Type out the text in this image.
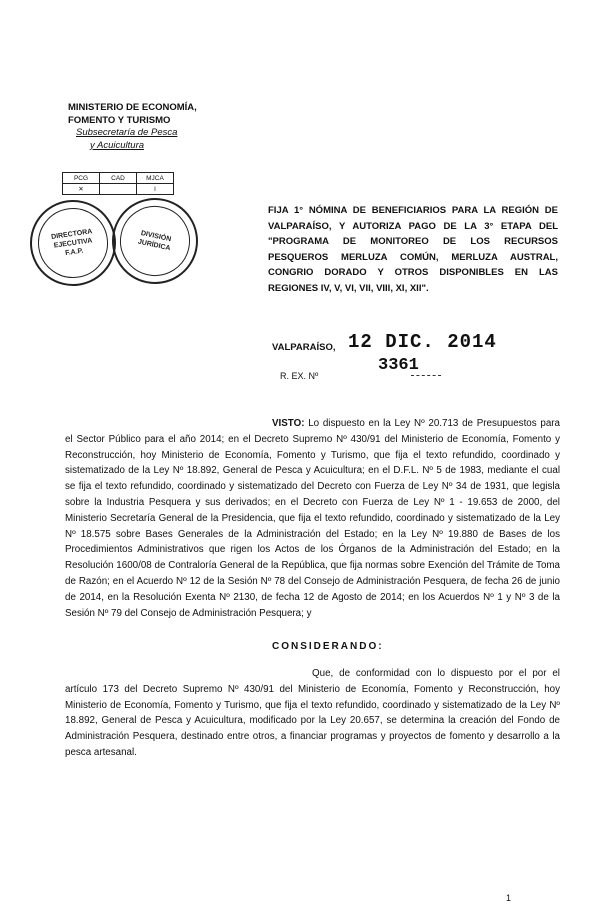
MINISTERIO DE ECONOMÍA,
FOMENTO Y TURISMO
Subsecretaría de Pesca
y Acuicultura
PCG	CAD	MJCA
✕		ǀ
DIRECTORA EJECUTIVA F.A.P.
DIVISIÓN JURÍDICA
FIJA 1° NÓMINA DE BENEFICIARIOS PARA LA REGIÓN DE VALPARAÍSO, Y AUTORIZA PAGO DE LA 3° ETAPA DEL "PROGRAMA DE MONITOREO DE LOS RECURSOS PESQUEROS MERLUZA COMÚN, MERLUZA AUSTRAL, CONGRIO DORADO Y OTROS DISPONIBLES EN LAS REGIONES IV, V, VI, VII, VIII, XI, XII".
VALPARAÍSO, 12 DIC. 2014
R. EX. Nº
3361
VISTO: Lo dispuesto en la Ley Nº 20.713 de Presupuestos para el Sector Público para el año 2014; en el Decreto Supremo Nº 430/91 del Ministerio de Economía, Fomento y Reconstrucción, hoy Ministerio de Economía, Fomento y Turismo, que fija el texto refundido, coordinado y sistematizado de la Ley Nº 18.892, General de Pesca y Acuicultura; en el D.F.L. Nº 5 de 1983, mediante el cual se fija el texto refundido, coordinado y sistematizado del Decreto con Fuerza de Ley Nº 34 de 1931, que legisla sobre la Industria Pesquera y sus derivados; en el Decreto con Fuerza de Ley Nº 1 - 19.653 de 2000, del Ministerio Secretaría General de la Presidencia, que fija el texto refundido, coordinado y sistematizado de la Ley Nº 18.575 sobre Bases Generales de la Administración del Estado; en la Ley Nº 19.880 de Bases de los Procedimientos Administrativos que rigen los Actos de los Órganos de la Administración del Estado; en la Resolución 1600/08 de Contraloría General de la República, que fija normas sobre Exención del Trámite de Toma de Razón; en el Acuerdo Nº 12 de la Sesión Nº 78 del Consejo de Administración Pesquera, de fecha 26 de junio de 2014, en la Resolución Exenta Nº 2130, de fecha 12 de Agosto de 2014; en los Acuerdos Nº 1 y Nº 3 de la Sesión Nº 79 del Consejo de Administración Pesquera; y
CONSIDERANDO:
Que, de conformidad con lo dispuesto por el por el artículo 173 del Decreto Supremo Nº 430/91 del Ministerio de Economía, Fomento y Reconstrucción, hoy Ministerio de Economía, Fomento y Turismo, que fija el texto refundido, coordinado y sistematizado de la Ley Nº 18.892, General de Pesca y Acuicultura, modificado por la Ley 20.657, se determina la creación del Fondo de Administración Pesquera, destinado entre otros, a financiar programas y proyectos de fomento y desarrollo a la pesca artesanal.
1
